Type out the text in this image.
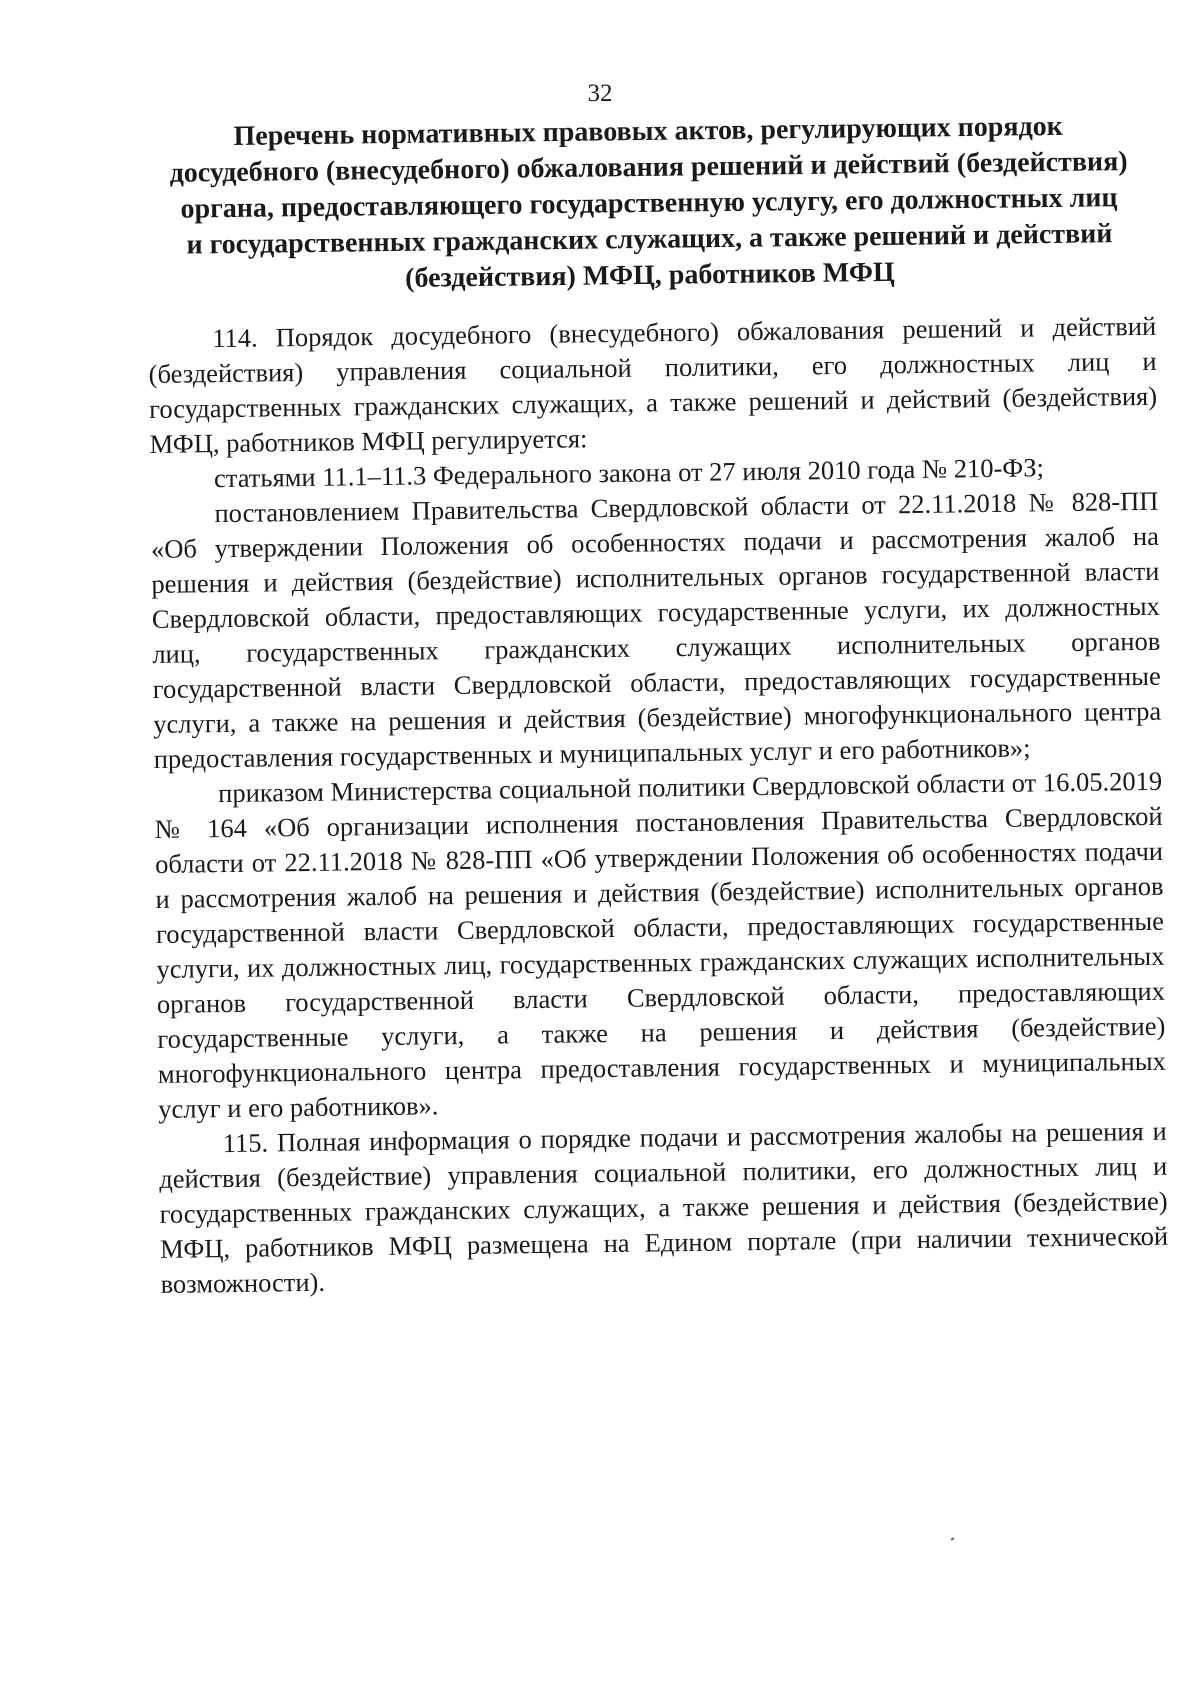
32
Перечень нормативных правовых актов, регулирующих порядок
досудебного (внесудебного) обжалования решений и действий (бездействия)
органа, предоставляющего государственную услугу, его должностных лиц
и государственных гражданских служащих, а также решений и действий
(бездействия) МФЦ, работников МФЦ

114. Порядок досудебного (внесудебного) обжалования решений и действий (бездействия) управления социальной политики, его должностных лиц и государственных гражданских служащих, а также решений и действий (бездействия) МФЦ, работников МФЦ регулируется:

статьями 11.1–11.3 Федерального закона от 27 июля 2010 года № 210-ФЗ;

постановлением Правительства Свердловской области от 22.11.2018 № 828-ПП «Об утверждении Положения об особенностях подачи и рассмотрения жалоб на решения и действия (бездействие) исполнительных органов государственной власти Свердловской области, предоставляющих государственные услуги, их должностных лиц, государственных гражданских служащих исполнительных органов государственной власти Свердловской области, предоставляющих государственные услуги, а также на решения и действия (бездействие) многофункционального центра предоставления государственных и муниципальных услуг и его работников»;

приказом Министерства социальной политики Свердловской области от 16.05.2019 № 164 «Об организации исполнения постановления Правительства Свердловской области от 22.11.2018 № 828-ПП «Об утверждении Положения об особенностях подачи и рассмотрения жалоб на решения и действия (бездействие) исполнительных органов государственной власти Свердловской области, предоставляющих государственные услуги, их должностных лиц, государственных гражданских служащих исполнительных органов государственной власти Свердловской области, предоставляющих государственные услуги, а также на решения и действия (бездействие) многофункционального центра предоставления государственных и муниципальных услуг и его работников».

115. Полная информация о порядке подачи и рассмотрения жалобы на решения и действия (бездействие) управления социальной политики, его должностных лиц и государственных гражданских служащих, а также решения и действия (бездействие) МФЦ, работников МФЦ размещена на Едином портале (при наличии технической возможности).
